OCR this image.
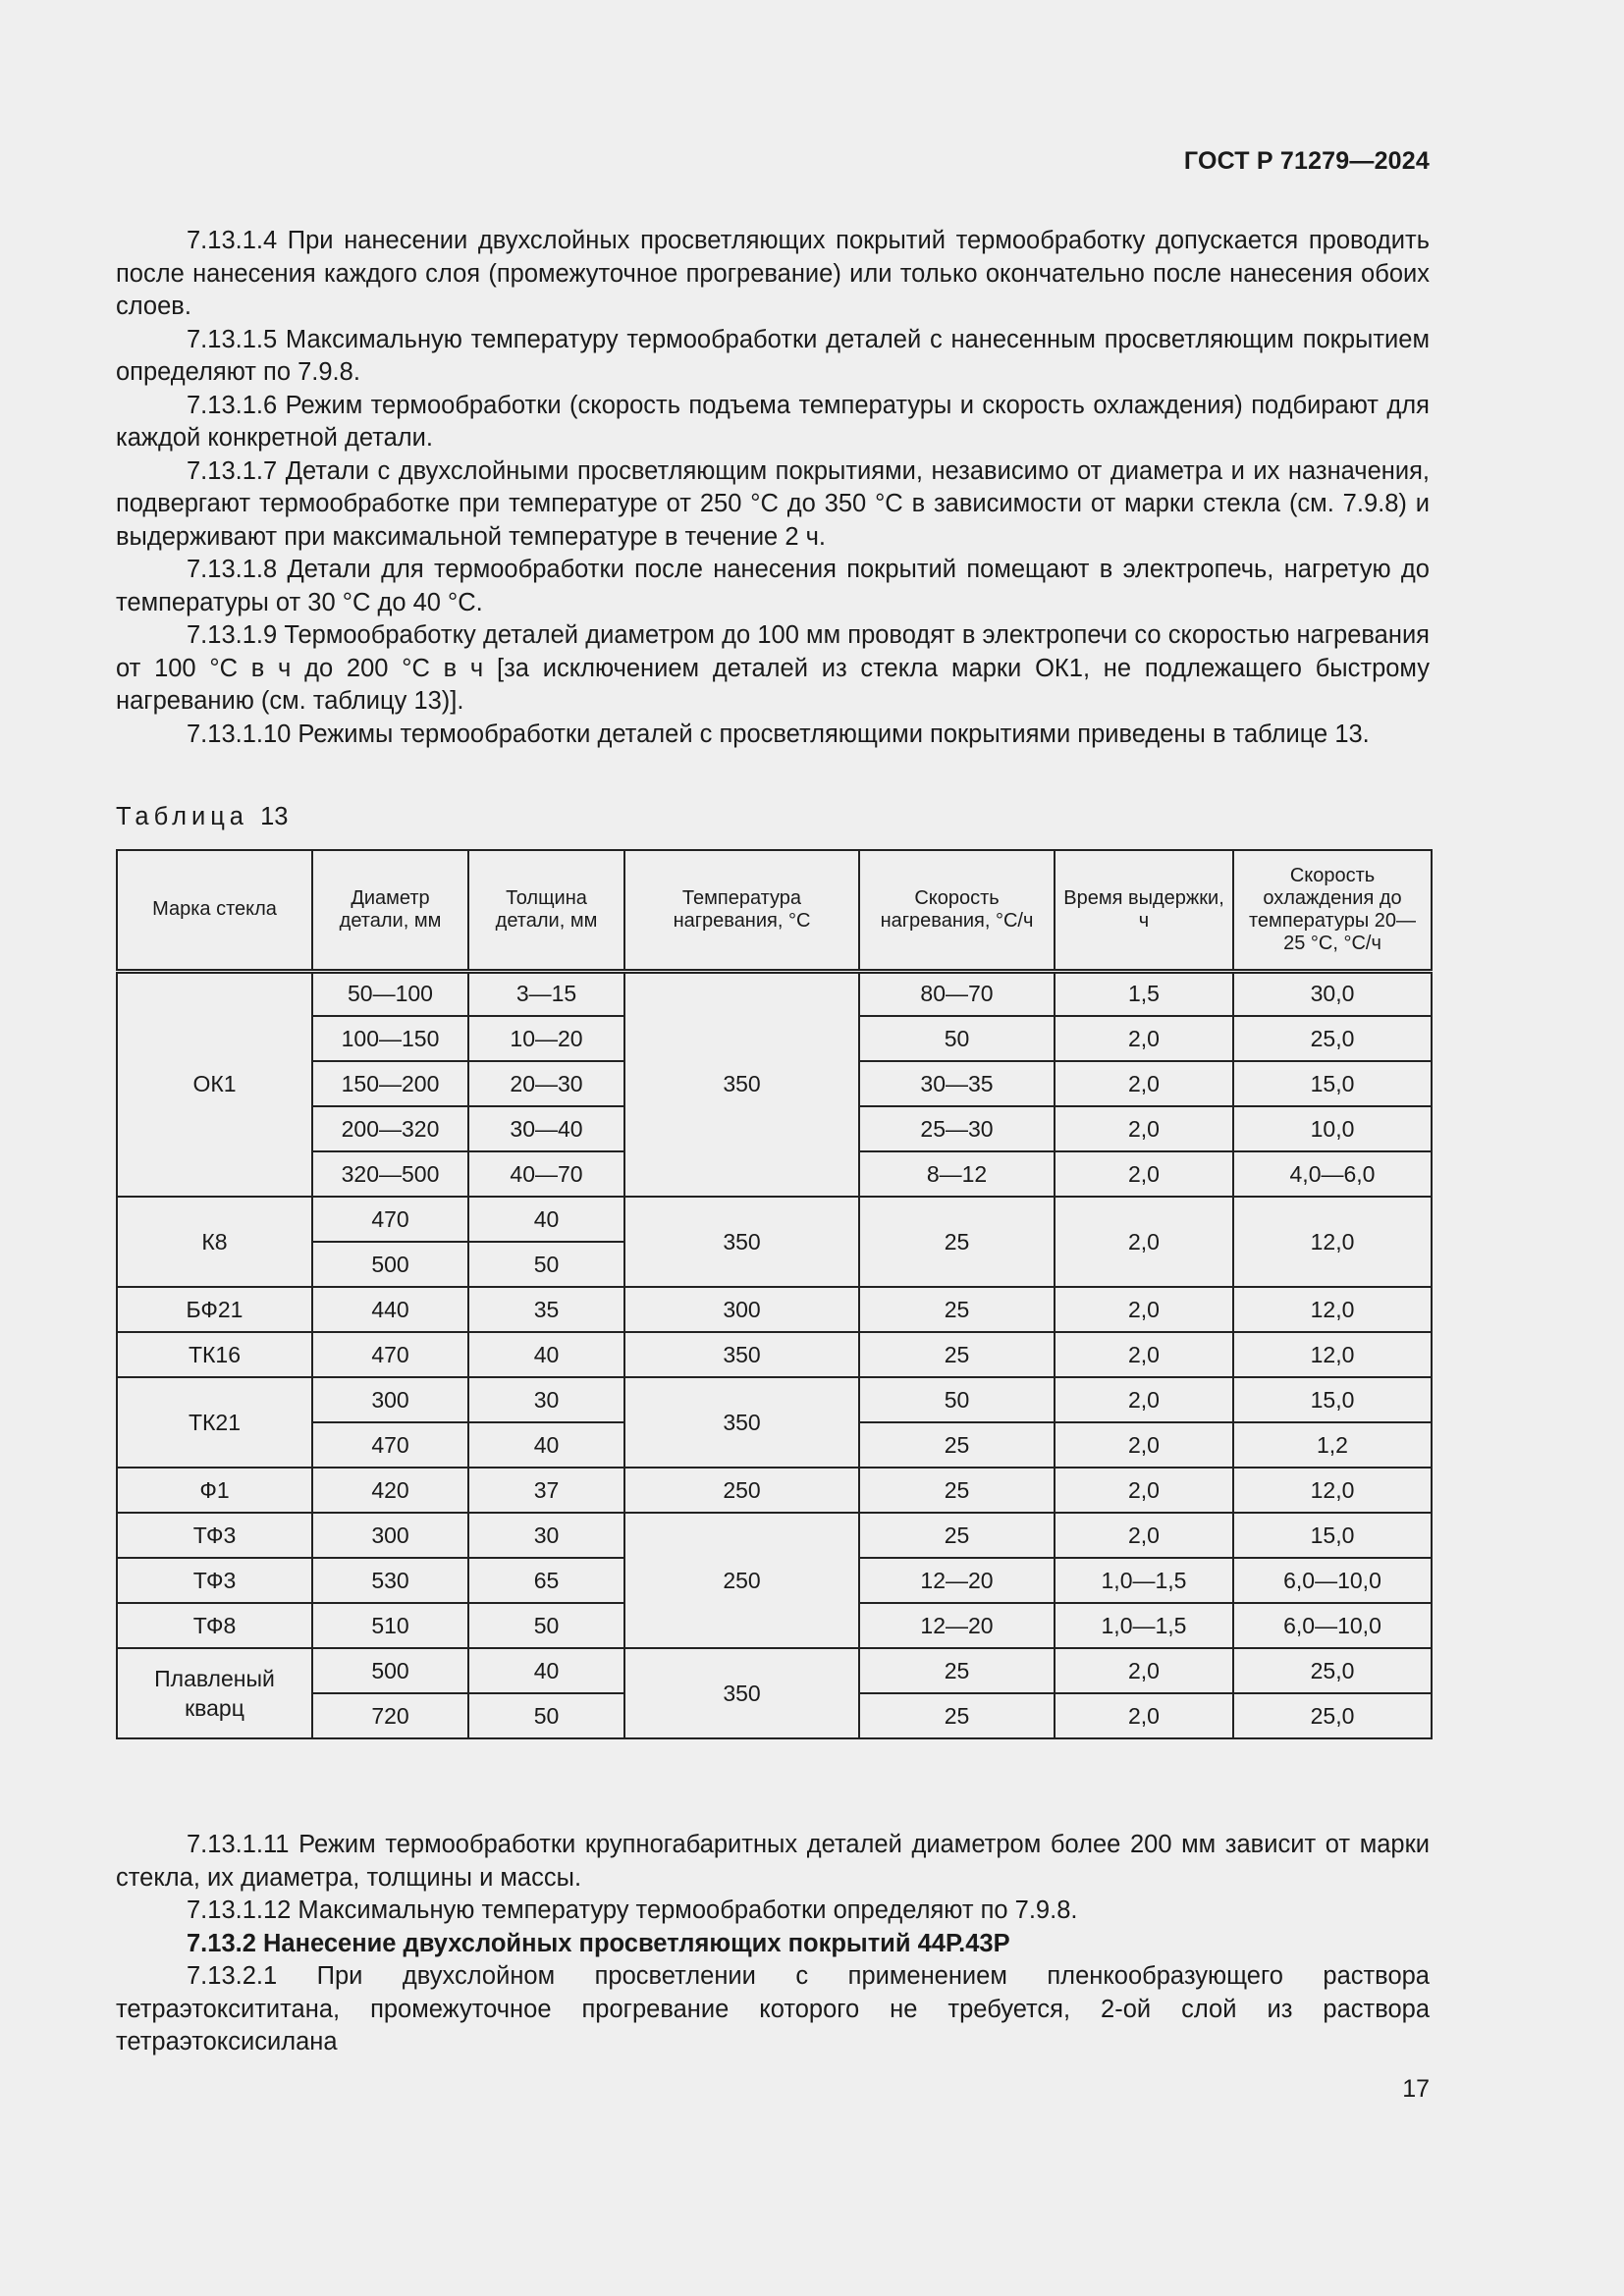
ГОСТ Р 71279—2024

7.13.1.4 При нанесении двухслойных просветляющих покрытий термообработку допускается проводить после нанесения каждого слоя (промежуточное прогревание) или только окончательно после нанесения обоих слоев.

7.13.1.5 Максимальную температуру термообработки деталей с нанесенным просветляющим покрытием определяют по 7.9.8.

7.13.1.6 Режим термообработки (скорость подъема температуры и скорость охлаждения) подбирают для каждой конкретной детали.

7.13.1.7 Детали с двухслойными просветляющим покрытиями, независимо от диаметра и их назначения, подвергают термообработке при температуре от 250 °С до 350 °С в зависимости от марки стекла (см. 7.9.8) и выдерживают при максимальной температуре в течение 2 ч.

7.13.1.8 Детали для термообработки после нанесения покрытий помещают в электропечь, нагретую до температуры от 30 °С до 40 °С.

7.13.1.9 Термообработку деталей диаметром до 100 мм проводят в электропечи со скоростью нагревания от 100 °С в ч до 200 °С в ч [за исключением деталей из стекла марки ОК1, не подлежащего быстрому нагреванию (см. таблицу 13)].

7.13.1.10 Режимы термообработки деталей с просветляющими покрытиями приведены в таблице 13.

Таблица 13
Марка стекла	Диаметр детали, мм	Толщина детали, мм	Температура нагревания, °С	Скорость нагревания, °С/ч	Время выдержки, ч	Скорость охлаждения до температуры 20—25 °С, °С/ч
ОК1	50—100	3—15	350	80—70	1,5	30,0
	100—150	10—20		50	2,0	25,0
	150—200	20—30		30—35	2,0	15,0
	200—320	30—40		25—30	2,0	10,0
	320—500	40—70		8—12	2,0	4,0—6,0
К8	470	40	350	25	2,0	12,0
	500	50				
БФ21	440	35	300	25	2,0	12,0
ТК16	470	40	350	25	2,0	12,0
ТК21	300	30	350	50	2,0	15,0
	470	40		25	2,0	1,2
Ф1	420	37	250	25	2,0	12,0
ТФ3	300	30	250	25	2,0	15,0
ТФ3	530	65		12—20	1,0—1,5	6,0—10,0
ТФ8	510	50		12—20	1,0—1,5	6,0—10,0
Плавленый кварц	500	40	350	25	2,0	25,0
	720	50		25	2,0	25,0

7.13.1.11 Режим термообработки крупногабаритных деталей диаметром более 200 мм зависит от марки стекла, их диаметра, толщины и массы.

7.13.1.12 Максимальную температуру термообработки определяют по 7.9.8.

7.13.2 Нанесение двухслойных просветляющих покрытий 44Р.43Р

7.13.2.1 При двухслойном просветлении с применением пленкообразующего раствора тетраэтоксититана, промежуточное прогревание которого не требуется, 2-ой слой из раствора тетраэтоксисилана

17
